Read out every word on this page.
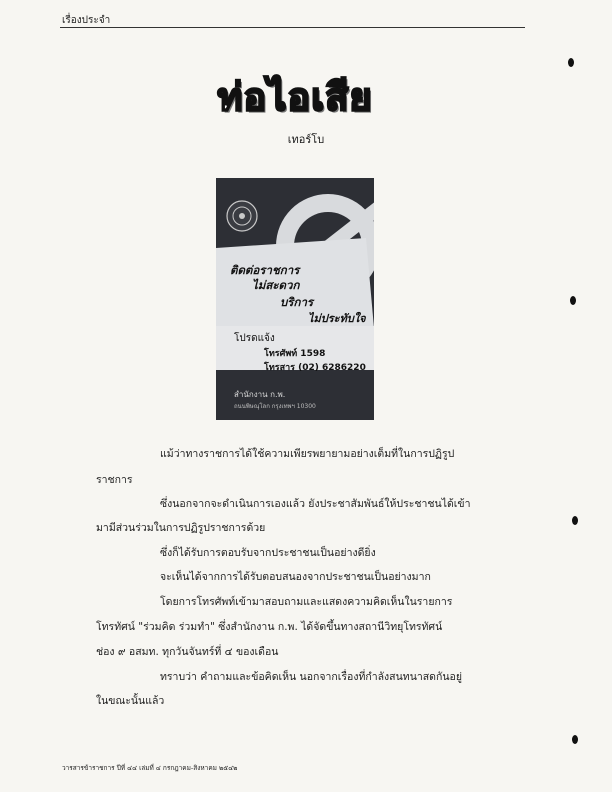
เรื่องประจำ
ท่อไอเสีย
เทอร์โบ
ติดต่อราชการ
ไม่สะดวก
บริการ
ไม่ประทับใจ
โปรดแจ้ง
โทรศัพท์ 1598
โทรสาร (02) 6286220
สำนักงาน ก.พ.
ถนนพิษณุโลก กรุงเทพฯ 10300
แม้ว่าทางราชการได้ใช้ความเพียรพยายามอย่างเต็มที่ในการปฏิรูป
ราชการ
ซึ่งนอกจากจะดำเนินการเองแล้ว ยังประชาสัมพันธ์ให้ประชาชนได้เข้า
มามีส่วนร่วมในการปฏิรูปราชการด้วย
ซึ่งก็ได้รับการตอบรับจากประชาชนเป็นอย่างดียิ่ง
จะเห็นได้จากการได้รับตอบสนองจากประชาชนเป็นอย่างมาก
โดยการโทรศัพท์เข้ามาสอบถามและแสดงความคิดเห็นในรายการ
โทรทัศน์ "ร่วมคิด ร่วมทำ" ซึ่งสำนักงาน ก.พ. ได้จัดขึ้นทางสถานีวิทยุโทรทัศน์
ช่อง ๙ อสมท. ทุกวันจันทร์ที่ ๔ ของเดือน
ทราบว่า คำถามและข้อคิดเห็น นอกจากเรื่องที่กำลังสนทนาสดกันอยู่
ในขณะนั้นแล้ว
วารสารข้าราชการ ปีที่ ๔๔ เล่มที่ ๔ กรกฎาคม-สิงหาคม ๒๕๔๒
